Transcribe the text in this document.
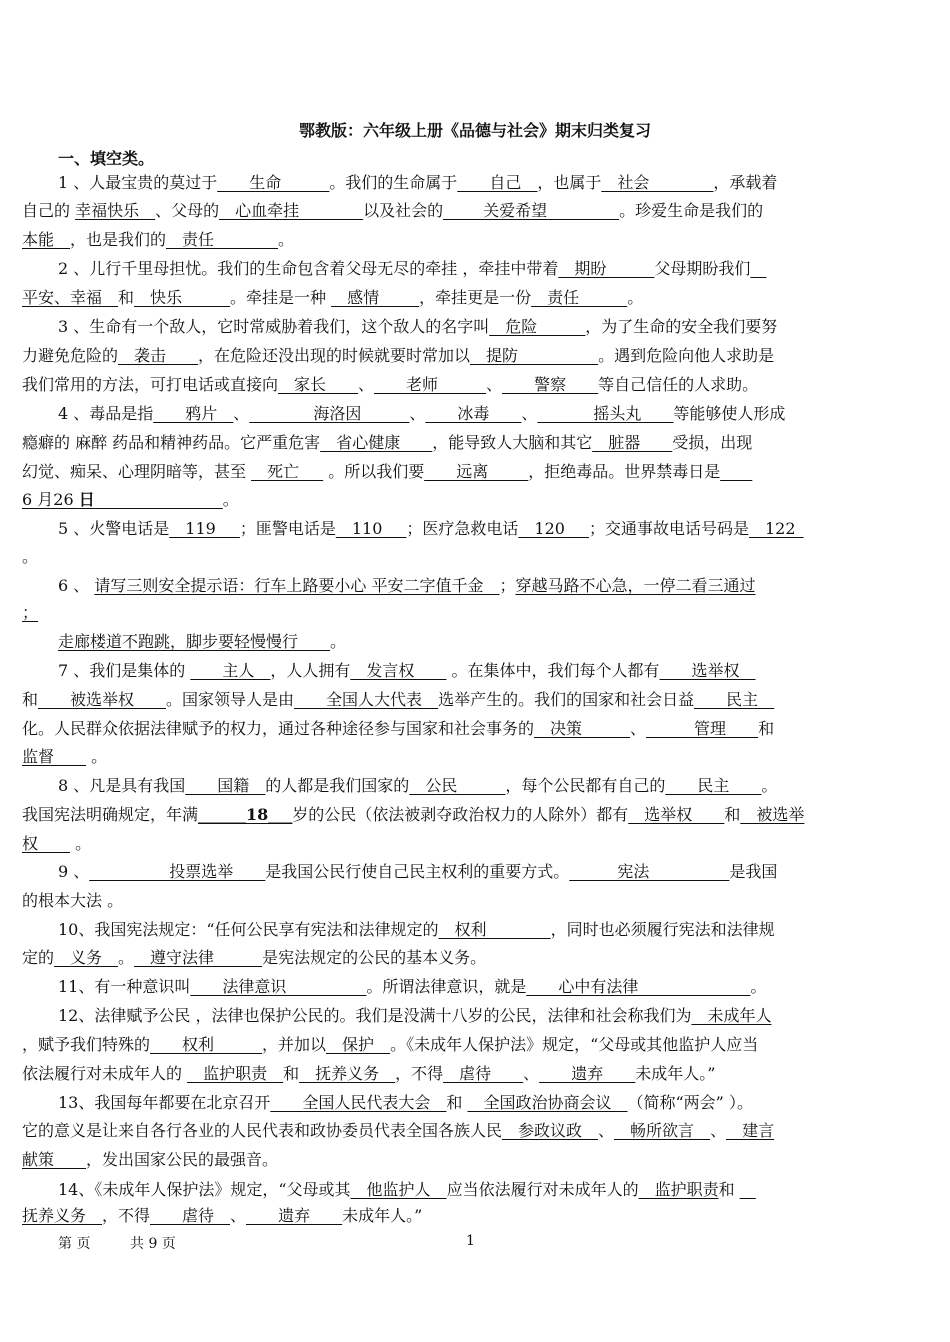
鄂教版：六年级上册《品德与社会》期末归类复习
一、填空类。
1 、人最宝贵的莫过于____生命______。我们的生命属于____自己__，也属于__社会________，承载着
自己的 幸福快乐__、父母的__心血牵挂________以及社会的_____关爱希望_________。珍爱生命是我们的
本能__，也是我们的__责任________。
2 、儿行千里母担忧。我们的生命包含着父母无尽的牵挂 ，牵挂中带着__期盼______父母期盼我们__
平安、幸福__和__快乐______。牵挂是一种 __感情_____，牵挂更是一份__责任______。
3 、生命有一个敌人，它时常威胁着我们，这个敌人的名字叫__危险______，为了生命的安全我们要努
力避免危险的__袭击____，在危险还没出现的时候就要时常加以__提防__________。遇到危险向他人求助是
我们常用的方法，可打电话或直接向__家长____、____老师______、____警察____等自己信任的人求助。
4 、毒品是指____鸦片__、________海洛因______、____冰毒____、_______摇头丸____等能够使人形成
瘾癖的 麻醉 药品和精神药品。它严重危害__省心健康____，能导致人大脑和其它__脏器____受损，出现
幻觉、痴呆、心理阴暗等，甚至 __死亡___ 。所以我们要____远离_____，拒绝毒品。世界禁毒日是____
6 月26 日________________。
5 、火警电话是__119___；匪警电话是__110___；医疗急救电话__120___；交通事故电话号码是__122_
。
6 、 请写三则安全提示语：行车上路要小心 平安二字值千金__；穿越马路不心急，一停二看三通过
；
走廊楼道不跑跳，脚步要轻慢慢行____。
7 、我们是集体的 ____主人__，人人拥有__发言权____ 。在集体中，我们每个人都有____选举权__
和____被选举权____。国家领导人是由____全国人大代表__选举产生的。我们的国家和社会日益____民主__
化。人民群众依据法律赋予的权力，通过各种途径参与国家和社会事务的__决策______、______管理____和
监督____ 。
8 、凡是具有我国____国籍__的人都是我们国家的__公民______，每个公民都有自己的____民主____。
我国宪法明确规定，年满______18___岁的公民（依法被剥夺政治权力的人除外）都有__选举权____和__被选举
权____ 。
9 、__________投票选举____是我国公民行使自己民主权利的重要方式。______宪法__________是我国
的根本大法 。
10、我国宪法规定：“任何公民享有宪法和法律规定的__权利________，同时也必须履行宪法和法律规
定的__义务__。__遵守法律______是宪法规定的公民的基本义务。
11、有一种意识叫____法律意识__________。所谓法律意识，就是____心中有法律______________。
12、法律赋予公民 ，法律也保护公民的。我们是没满十八岁的公民，法律和社会称我们为__未成年人
，赋予我们特殊的____权利______，并加以__保护__。《未成年人保护法》规定，“父母或其他监护人应当
依法履行对未成年人的 __监护职责__和__抚养义务__，不得__虐待____、____遗弃____未成年人。”
13、我国每年都要在北京召开____全国人民代表大会__和 __全国政治协商会议__（简称“两会” ）。
它的意义是让来自各行各业的人民代表和政协委员代表全国各族人民__参政议政__、__畅所欲言__、__建言
献策____，发出国家公民的最强音。
14、《未成年人保护法》规定，“父母或其__他监护人__应当依法履行对未成年人的__监护职责和 __
抚养义务__，不得____虐待__、____遗弃____未成年人。”
第 页	共 9 页	1
